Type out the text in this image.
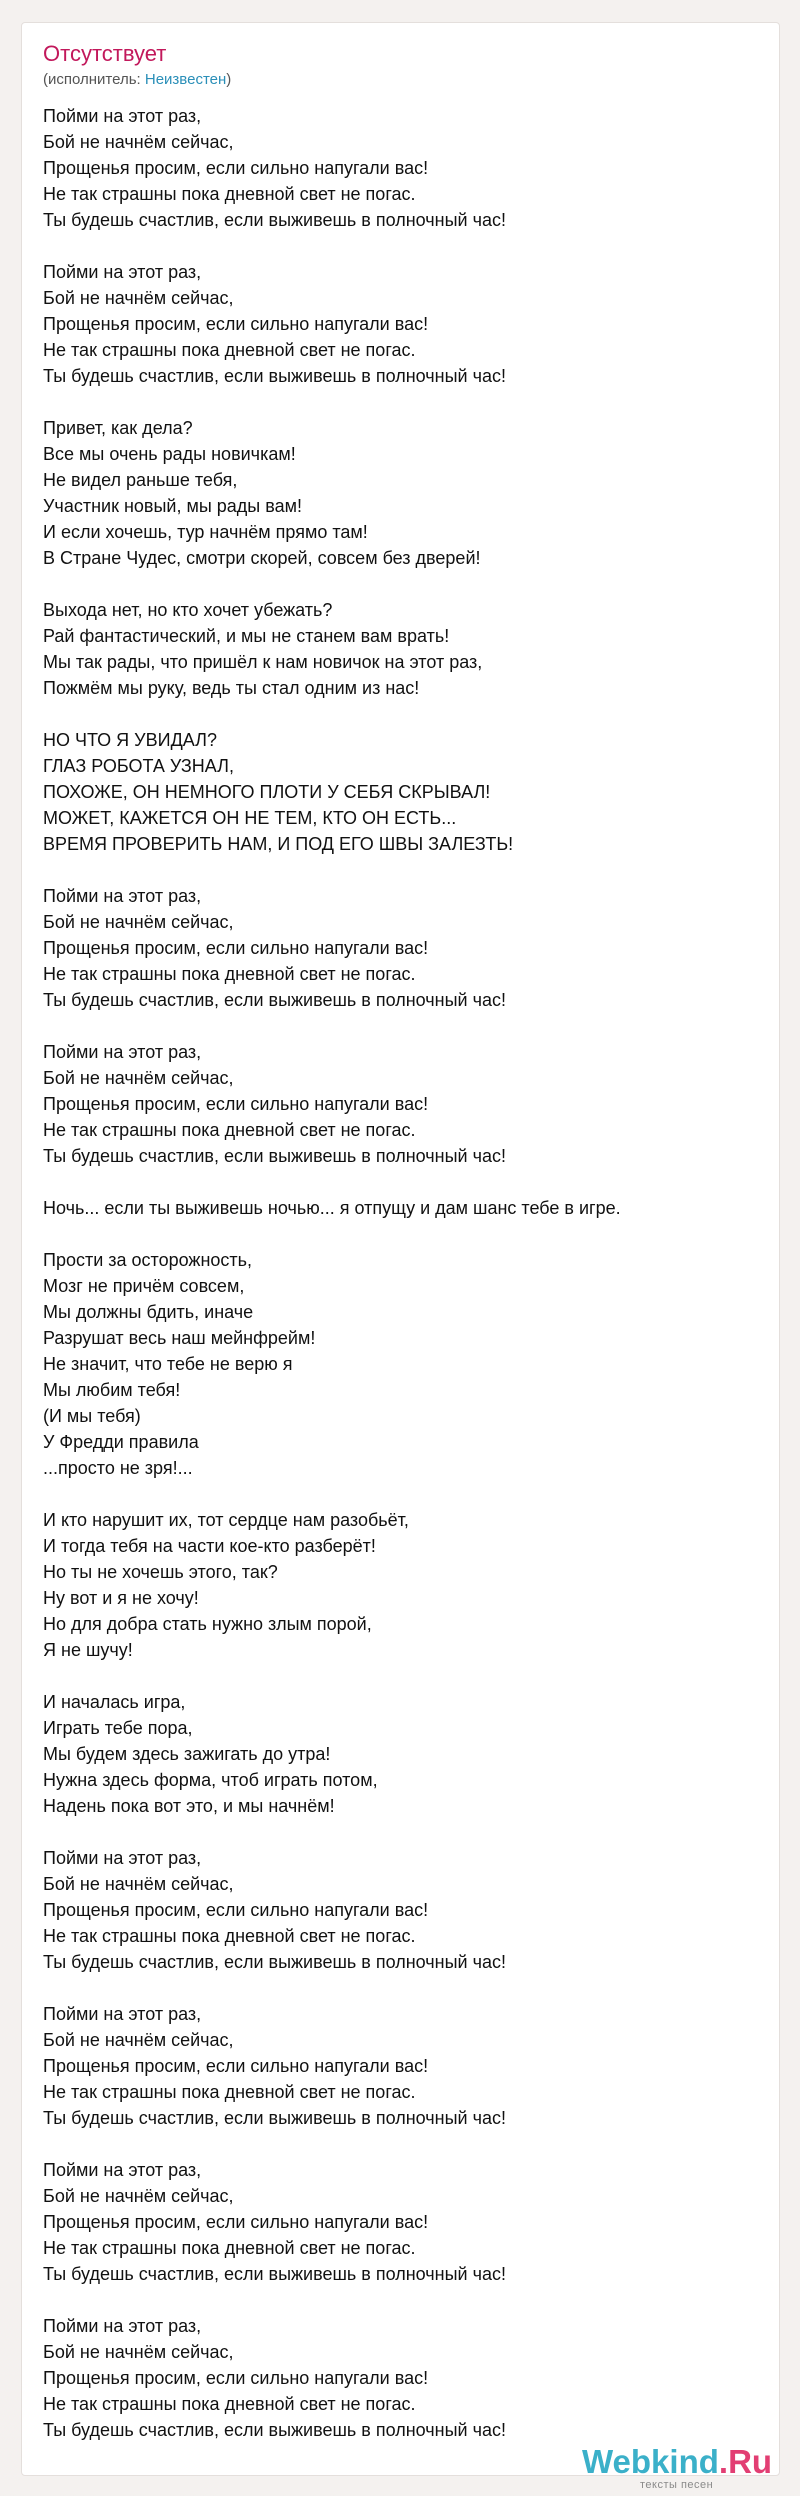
Отсутствует
(исполнитель: Неизвестен)
Пойми на этот раз,
Бой не начнём сейчас,
Прощенья просим, если сильно напугали вас!
Не так страшны пока дневной свет не погас.
Ты будешь счастлив, если выживешь в полночный час!
Пойми на этот раз,
Бой не начнём сейчас,
Прощенья просим, если сильно напугали вас!
Не так страшны пока дневной свет не погас.
Ты будешь счастлив, если выживешь в полночный час!
Привет, как дела?
Все мы очень рады новичкам!
Не видел раньше тебя,
Участник новый, мы рады вам!
И если хочешь, тур начнём прямо там!
В Стране Чудес, смотри скорей, совсем без дверей!
Выхода нет, но кто хочет убежать?
Рай фантастический, и мы не станем вам врать!
Мы так рады, что пришёл к нам новичок на этот раз,
Пожмём мы руку, ведь ты стал одним из нас!
НО ЧТО Я УВИДАЛ?
ГЛАЗ РОБОТА УЗНАЛ,
ПОХОЖЕ, ОН НЕМНОГО ПЛОТИ У СЕБЯ СКРЫВАЛ!
МОЖЕТ, КАЖЕТСЯ ОН НЕ ТЕМ, КТО ОН ЕСТЬ...
ВРЕМЯ ПРОВЕРИТЬ НАМ, И ПОД ЕГО ШВЫ ЗАЛЕЗТЬ!
Пойми на этот раз,
Бой не начнём сейчас,
Прощенья просим, если сильно напугали вас!
Не так страшны пока дневной свет не погас.
Ты будешь счастлив, если выживешь в полночный час!
Пойми на этот раз,
Бой не начнём сейчас,
Прощенья просим, если сильно напугали вас!
Не так страшны пока дневной свет не погас.
Ты будешь счастлив, если выживешь в полночный час!
Ночь... если ты выживешь ночью... я отпущу и дам шанс тебе в игре.
Прости за осторожность,
Мозг не причём совсем,
Мы должны бдить, иначе
Разрушат весь наш мейнфрейм!
Не значит, что тебе не верю я
Мы любим тебя!
(И мы тебя)
У Фредди правила
...просто не зря!...
И кто нарушит их, тот сердце нам разобьёт,
И тогда тебя на части кое-кто разберёт!
Но ты не хочешь этого, так?
Ну вот и я не хочу!
Но для добра стать нужно злым порой,
Я не шучу!
И началась игра,
Играть тебе пора,
Мы будем здесь зажигать до утра!
Нужна здесь форма, чтоб играть потом,
Надень пока вот это, и мы начнём!
Пойми на этот раз,
Бой не начнём сейчас,
Прощенья просим, если сильно напугали вас!
Не так страшны пока дневной свет не погас.
Ты будешь счастлив, если выживешь в полночный час!
Пойми на этот раз,
Бой не начнём сейчас,
Прощенья просим, если сильно напугали вас!
Не так страшны пока дневной свет не погас.
Ты будешь счастлив, если выживешь в полночный час!
Пойми на этот раз,
Бой не начнём сейчас,
Прощенья просим, если сильно напугали вас!
Не так страшны пока дневной свет не погас.
Ты будешь счастлив, если выживешь в полночный час!
Пойми на этот раз,
Бой не начнём сейчас,
Прощенья просим, если сильно напугали вас!
Не так страшны пока дневной свет не погас.
Ты будешь счастлив, если выживешь в полночный час!
Webkind.Ru
тексты песен
